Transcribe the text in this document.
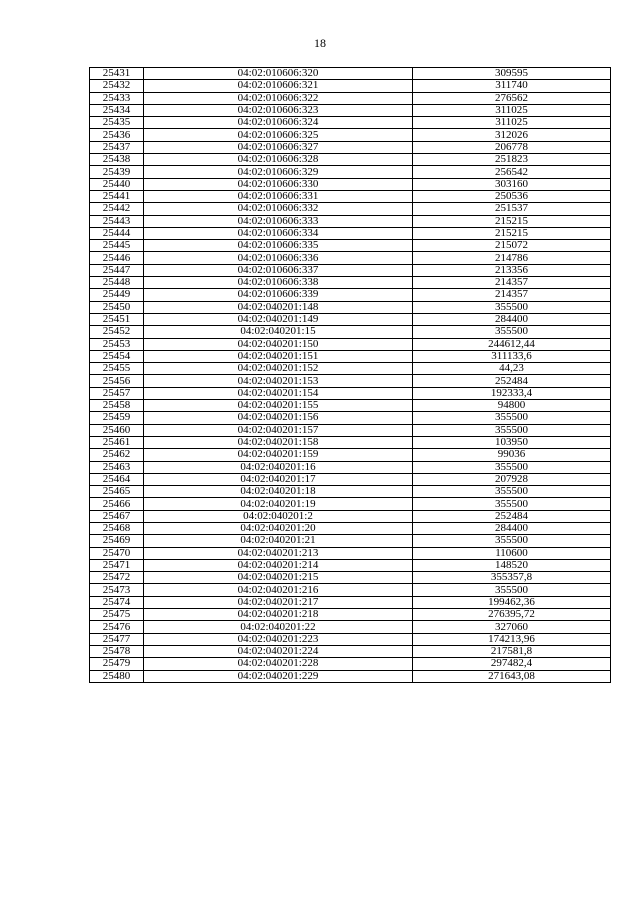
18
25431	04:02:010606:320	309595
25432	04:02:010606:321	311740
25433	04:02:010606:322	276562
25434	04:02:010606:323	311025
25435	04:02:010606:324	311025
25436	04:02:010606:325	312026
25437	04:02:010606:327	206778
25438	04:02:010606:328	251823
25439	04:02:010606:329	256542
25440	04:02:010606:330	303160
25441	04:02:010606:331	250536
25442	04:02:010606:332	251537
25443	04:02:010606:333	215215
25444	04:02:010606:334	215215
25445	04:02:010606:335	215072
25446	04:02:010606:336	214786
25447	04:02:010606:337	213356
25448	04:02:010606:338	214357
25449	04:02:010606:339	214357
25450	04:02:040201:148	355500
25451	04:02:040201:149	284400
25452	04:02:040201:15	355500
25453	04:02:040201:150	244612,44
25454	04:02:040201:151	311133,6
25455	04:02:040201:152	44,23
25456	04:02:040201:153	252484
25457	04:02:040201:154	192333,4
25458	04:02:040201:155	94800
25459	04:02:040201:156	355500
25460	04:02:040201:157	355500
25461	04:02:040201:158	103950
25462	04:02:040201:159	99036
25463	04:02:040201:16	355500
25464	04:02:040201:17	207928
25465	04:02:040201:18	355500
25466	04:02:040201:19	355500
25467	04:02:040201:2	252484
25468	04:02:040201:20	284400
25469	04:02:040201:21	355500
25470	04:02:040201:213	110600
25471	04:02:040201:214	148520
25472	04:02:040201:215	355357,8
25473	04:02:040201:216	355500
25474	04:02:040201:217	199462,36
25475	04:02:040201:218	276395,72
25476	04:02:040201:22	327060
25477	04:02:040201:223	174213,96
25478	04:02:040201:224	217581,8
25479	04:02:040201:228	297482,4
25480	04:02:040201:229	271643,08
